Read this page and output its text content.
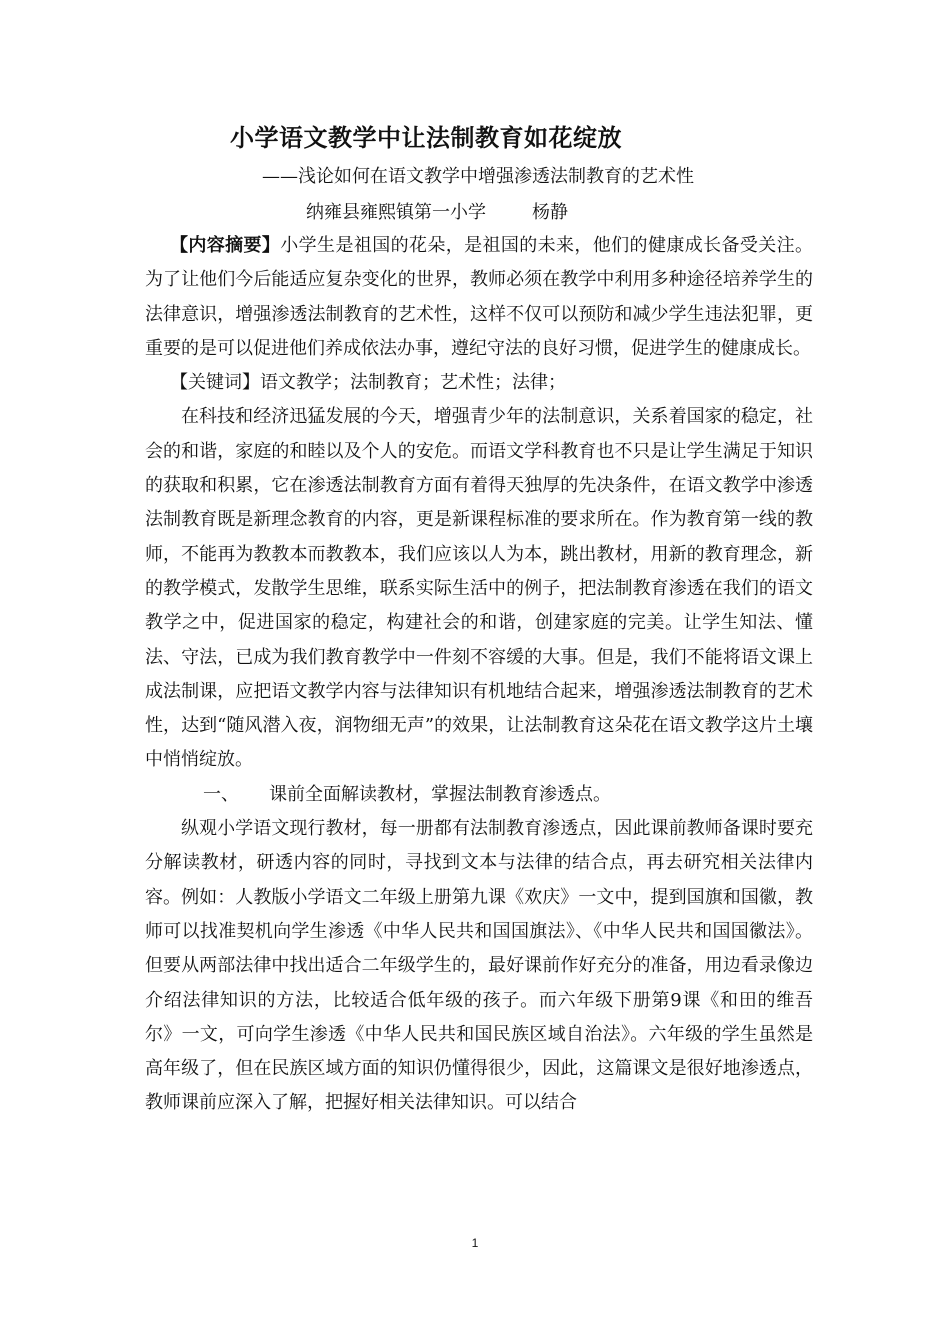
小学语文教学中让法制教育如花绽放
——浅论如何在语文教学中增强渗透法制教育的艺术性
纳雍县雍熙镇第一小学	杨静

【内容摘要】小学生是祖国的花朵，是祖国的未来，他们的健康成长备受关注。为了让他们今后能适应复杂变化的世界，教师必须在教学中利用多种途径培养学生的法律意识，增强渗透法制教育的艺术性，这样不仅可以预防和减少学生违法犯罪，更重要的是可以促进他们养成依法办事，遵纪守法的良好习惯，促进学生的健康成长。

【关键词】语文教学；法制教育；艺术性；法律；

在科技和经济迅猛发展的今天，增强青少年的法制意识，关系着国家的稳定，社会的和谐，家庭的和睦以及个人的安危。而语文学科教育也不只是让学生满足于知识的获取和积累，它在渗透法制教育方面有着得天独厚的先决条件，在语文教学中渗透法制教育既是新理念教育的内容，更是新课程标准的要求所在。作为教育第一线的教师，不能再为教教本而教教本，我们应该以人为本，跳出教材，用新的教育理念，新的教学模式，发散学生思维，联系实际生活中的例子，把法制教育渗透在我们的语文教学之中，促进国家的稳定，构建社会的和谐，创建家庭的完美。让学生知法、懂法、守法，已成为我们教育教学中一件刻不容缓的大事。但是，我们不能将语文课上成法制课，应把语文教学内容与法律知识有机地结合起来，增强渗透法制教育的艺术性，达到“随风潜入夜，润物细无声”的效果，让法制教育这朵花在语文教学这片土壤中悄悄绽放。

一、 课前全面解读教材，掌握法制教育渗透点。

纵观小学语文现行教材，每一册都有法制教育渗透点，因此课前教师备课时要充分解读教材，研透内容的同时，寻找到文本与法律的结合点，再去研究相关法律内容。例如：人教版小学语文二年级上册第九课《欢庆》一文中，提到国旗和国徽，教师可以找准契机向学生渗透《中华人民共和国国旗法》、《中华人民共和国国徽法》。但要从两部法律中找出适合二年级学生的，最好课前作好充分的准备，用边看录像边介绍法律知识的方法，比较适合低年级的孩子。而六年级下册第9课《和田的维吾尔》一文，可向学生渗透《中华人民共和国民族区域自治法》。六年级的学生虽然是高年级了，但在民族区域方面的知识仍懂得很少，因此，这篇课文是很好地渗透点，教师课前应深入了解，把握好相关法律知识。可以结合

1
